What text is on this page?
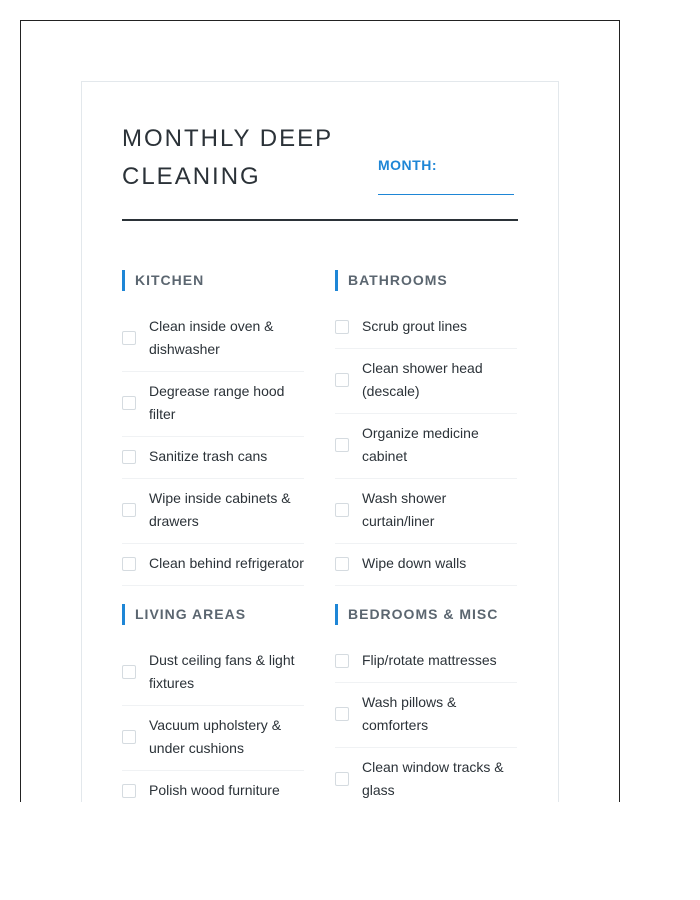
MONTHLY DEEP
CLEANING	MONTH:
KITCHEN
Clean inside oven & dishwasher
Degrease range hood filter
Sanitize trash cans
Wipe inside cabinets & drawers
Clean behind refrigerator
LIVING AREAS
Dust ceiling fans & light fixtures
Vacuum upholstery & under cushions
Polish wood furniture
BATHROOMS
Scrub grout lines
Clean shower head (descale)
Organize medicine cabinet
Wash shower curtain/liner
Wipe down walls
BEDROOMS & MISC
Flip/rotate mattresses
Wash pillows & comforters
Clean window tracks & glass
